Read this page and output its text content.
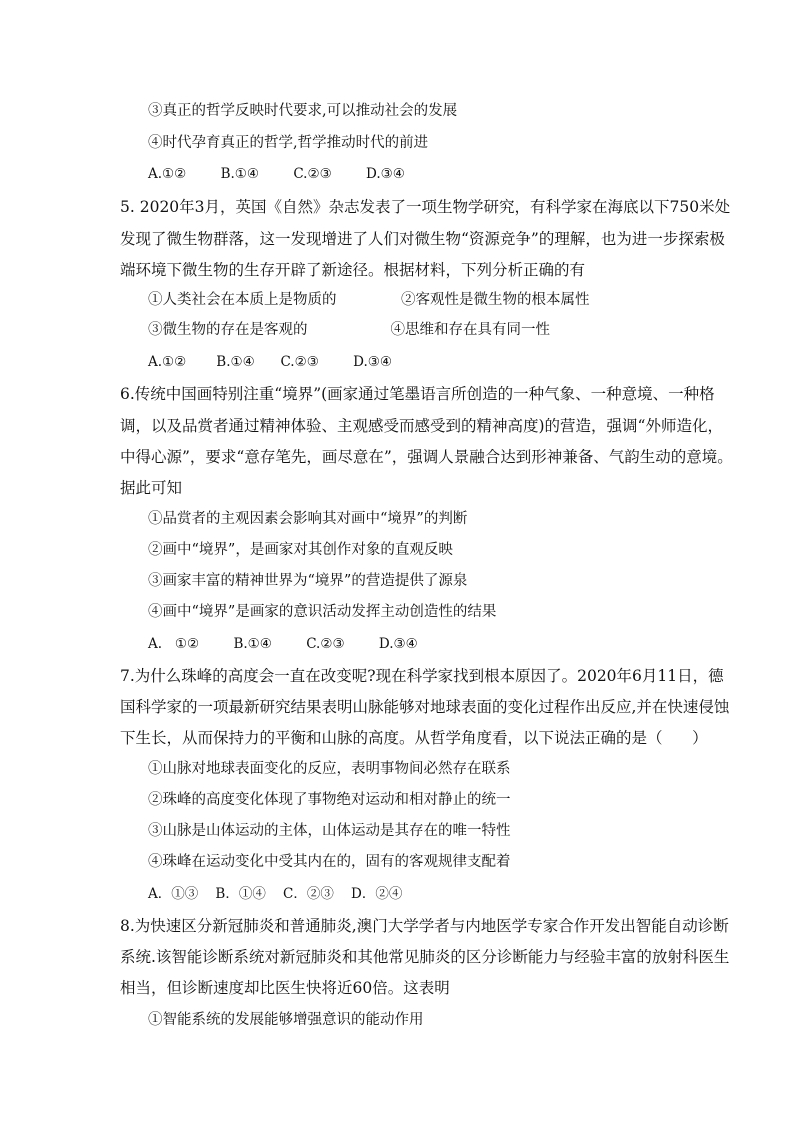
③真正的哲学反映时代要求,可以推动社会的发展
④时代孕育真正的哲学,哲学推动时代的前进
A.①②        B.①④        C.②③        D.③④
5. 2020年3月，英国《自然》杂志发表了一项生物学研究，有科学家在海底以下750米处
发现了微生物群落，这一发现增进了人们对微生物“资源竞争”的理解，也为进一步探索极
端环境下微生物的生存开辟了新途径。根据材料，下列分析正确的有
①人类社会在本质上是物质的              ②客观性是微生物的根本属性
③微生物的存在是客观的                  ④思维和存在具有同一性
A.①②       B.①④      C.②③        D.③④
6.传统中国画特别注重“境界”(画家通过笔墨语言所创造的一种气象、一种意境、一种格
调，以及品赏者通过精神体验、主观感受而感受到的精神高度)的营造，强调“外师造化，
中得心源”，要求“意存笔先，画尽意在”，强调人景融合达到形神兼备、气韵生动的意境。
据此可知
①品赏者的主观因素会影响其对画中“境界”的判断
②画中“境界”，是画家对其创作对象的直观反映
③画家丰富的精神世界为“境界”的营造提供了源泉
④画中“境界”是画家的意识活动发挥主动创造性的结果
A.   ①②        B.①④        C.②③        D.③④
7.为什么珠峰的高度会一直在改变呢?现在科学家找到根本原因了。2020年6月11日，德
国科学家的一项最新研究结果表明山脉能够对地球表面的变化过程作出反应,并在快速侵蚀
下生长，从而保持力的平衡和山脉的高度。从哲学角度看，以下说法正确的是（      ）
①山脉对地球表面变化的反应，表明事物间必然存在联系
②珠峰的高度变化体现了事物绝对运动和相对静止的统一
③山脉是山体运动的主体，山体运动是其存在的唯一特性
④珠峰在运动变化中受其内在的，固有的客观规律支配着
A．①③    B．①④    C．②③    D．②④
8.为快速区分新冠肺炎和普通肺炎,澳门大学学者与内地医学专家合作开发出智能自动诊断
系统.该智能诊断系统对新冠肺炎和其他常见肺炎的区分诊断能力与经验丰富的放射科医生
相当，但诊断速度却比医生快将近60倍。这表明
①智能系统的发展能够增强意识的能动作用
